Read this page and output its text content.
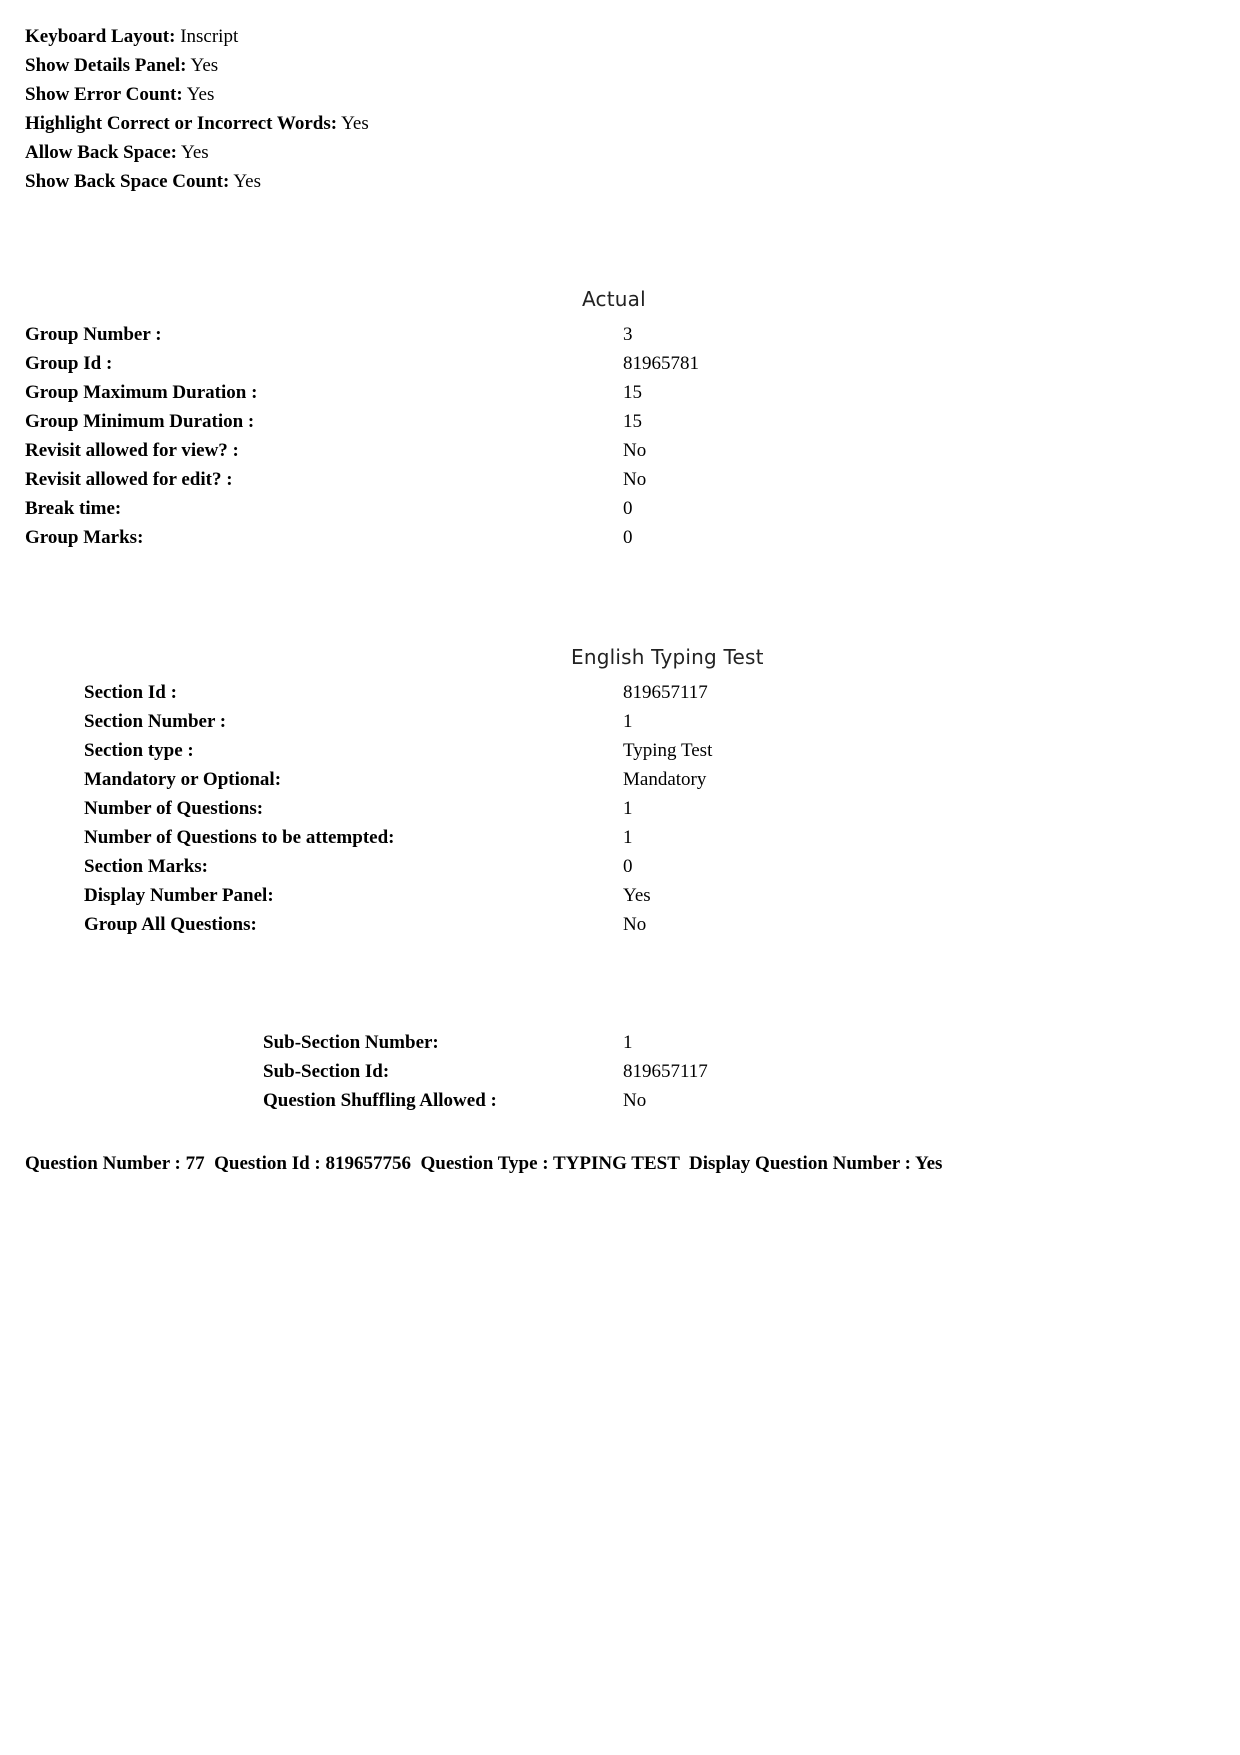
Keyboard Layout: Inscript
Show Details Panel: Yes
Show Error Count: Yes
Highlight Correct or Incorrect Words: Yes
Allow Back Space: Yes
Show Back Space Count: Yes
Actual
Group Number :	3
Group Id :	81965781
Group Maximum Duration :	15
Group Minimum Duration :	15
Revisit allowed for view? :	No
Revisit allowed for edit? :	No
Break time:	0
Group Marks:	0
English Typing Test
Section Id :	819657117
Section Number :	1
Section type :	Typing Test
Mandatory or Optional:	Mandatory
Number of Questions:	1
Number of Questions to be attempted:	1
Section Marks:	0
Display Number Panel:	Yes
Group All Questions:	No
Sub-Section Number:	1
Sub-Section Id:	819657117
Question Shuffling Allowed :	No
Question Number : 77  Question Id : 819657756  Question Type : TYPING TEST  Display Question Number : Yes
